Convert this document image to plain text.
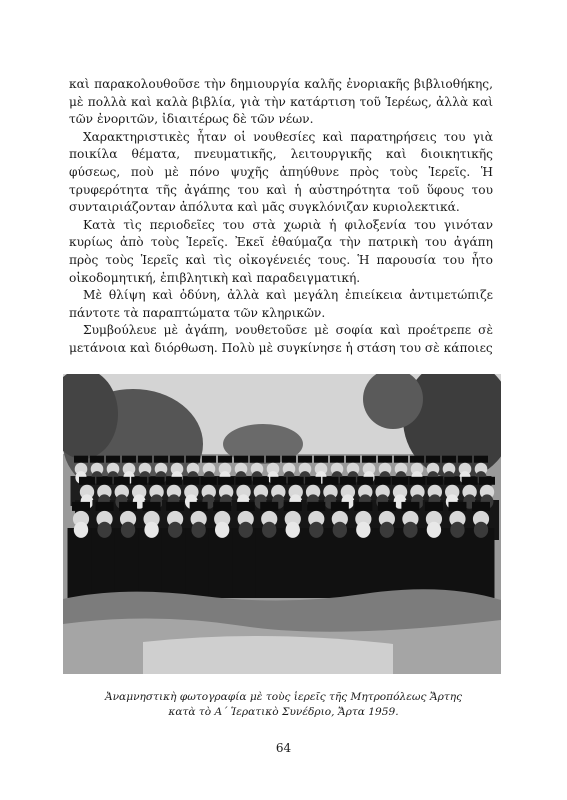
καὶ παρακολουθοῦσε τὴν δημιουργία καλῆς ἐνοριακῆς βιβλιοθήκης, μὲ πολλὰ καὶ καλὰ βιβλία, γιὰ τὴν κατάρτιση τοῦ Ἱερέως, ἀλλὰ καὶ τῶν ἐνοριτῶν, ἰδιαιτέρως δὲ τῶν νέων.

Χαρακτηριστικὲς ἦταν οἱ νουθεσίες καὶ παρατηρήσεις του γιὰ ποικίλα θέματα, πνευματικῆς, λειτουργικῆς καὶ διοικητικῆς φύσεως, ποὺ μὲ πόνο ψυχῆς ἀπηύθυνε πρὸς τοὺς Ἱερεῖς. Ἡ τρυφερότητα τῆς ἀγάπης του καὶ ἡ αὐστηρότητα τοῦ ὕφους του συνταιριάζονταν ἀπόλυτα καὶ μᾶς συγκλόνιζαν κυριολεκτικά.

Κατὰ τὶς περιοδεῖες του στὰ χωριὰ ἡ φιλοξενία του γινόταν κυρίως ἀπὸ τοὺς Ἱερεῖς. Ἐκεῖ ἐθαύμαζα τὴν πατρικὴ του ἀγάπη πρὸς τοὺς Ἱερεῖς καὶ τὶς οἰκογένειές τους. Ἡ παρουσία του ἦτο οἰκοδομητική, ἐπιβλητικὴ καὶ παραδειγματική.

Μὲ θλίψη καὶ ὀδύνη, ἀλλὰ καὶ μεγάλη ἐπιείκεια ἀντιμετώπιζε πάντοτε τὰ παραπτώματα τῶν κληρικῶν.

Συμβούλευε μὲ ἀγάπη, νουθετοῦσε μὲ σοφία καὶ προέτρεπε σὲ μετάνοια καὶ διόρθωση. Πολὺ μὲ συγκίνησε ἡ στάση του σὲ κάποιες

Ἀναμνηστικὴ φωτογραφία μὲ τοὺς ἱερεῖς τῆς Μητροπόλεως Ἄρτης
κατὰ τὸ Α΄ Ἱερατικὸ Συνέδριο, Ἄρτα 1959.
64
